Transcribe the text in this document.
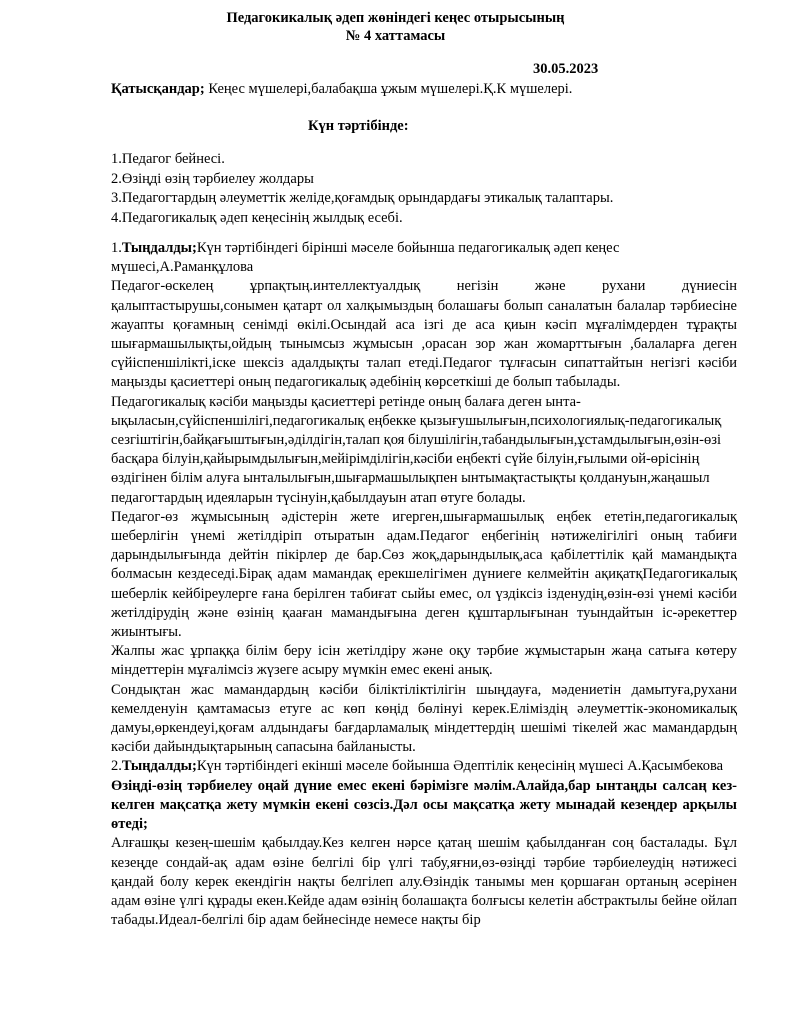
Педагокикалық әдеп жөніндегі кеңес отырысының
№ 4 хаттамасы
30.05.2023
Қатысқандар; Кеңес мүшелері,балабақша ұжым мүшелері.Қ.К мүшелері.
Күн тәртібінде:
1.Педагог бейнесі.
2.Өзіңді өзің тәрбиелеу жолдары
3.Педагогтардың әлеуметтік желіде,қоғамдық орындардағы этикалық талаптары.
4.Педагогикалық әдеп кеңесінің жылдық есебі.

1.Тыңдалды;Күн тәртібіндегі бірінші мәселе бойынша педагогикалық әдеп кеңес мүшесі,А.Раманқұлова

Педагог-өскелең ұрпақтың.интеллектуалдық негізін және рухани дүниесін қалыптастырушы,сонымен қатарт ол халқымыздың болашағы болып саналатын балалар тәрбиесіне жауапты қоғамның сенімді өкілі.Осындай аса ізгі де аса қиын кәсіп мұғалімдерден тұрақты шығармашылықты,ойдың тынымсыз жұмысын ,орасан зор жан жомарттығын ,балаларға деген сүйіспеншілікті,іске шексіз адалдықты талап етеді.Педагог тұлғасын сипаттайтын негізгі кәсіби маңызды қасиеттері оның педагогикалық әдебінің көрсеткіші де болып табылады.

Педагогикалық кәсіби маңызды қасиеттері ретінде оның балаға деген ынта-ықыласын,сүйіспеншілігі,педагогикалық еңбекке қызығушылығын,психологиялық-педагогикалық сезгіштігін,байқағыштығын,әділдігін,талап қоя білушілігін,табандылығын,ұстамдылығын,өзін-өзі басқара білуін,қайырымдылығын,мейірімділігін,кәсіби еңбекті сүйе білуін,ғылыми ой-өрісінің өздігінен білім алуға ынталылығын,шығармашылықпен ынтымақтастықты қолдануын,жаңашыл педагогтардың идеяларын түсінуін,қабылдауын атап өтуге болады.

Педагог-өз жұмысының әдістерін жете игерген,шығармашылық еңбек ететін,педагогикалық шеберлігін үнемі жетілдіріп отыратын адам.Педагог еңбегінің нәтижелігілігі оның табиғи дарындылығында дейтін пікірлер де бар.Сөз жоқ,дарындылық,аса қабілеттілік қай мамандықта болмасын кездеседі.Бірақ адам мамандақ ерекшелігімен дүниеге келмейтін ақиқатқПедагогикалық шеберлік кейбіреулерге ғана берілген табиғат сыйы емес, ол үздіксіз ізденудің,өзін-өзі үнемі кәсіби жетілдірудің және өзінің қааған мамандығына деген құштарлығынан туындайтын іс-әрекеттер жиынтығы.

Жалпы жас ұрпаққа білім беру ісін жетілдіру және оқу тәрбие жұмыстарын жаңа сатыға көтеру міндеттерін мұғалімсіз жүзеге асыру мүмкін емес екені анық.

Сондықтан жас мамандардың кәсіби біліктіліктілігін шыңдауға, мәдениетін дамытуға,рухани кемелденуін қамтамасыз етуге ас көп көңід бөлінуі керек.Еліміздің әлеуметтік-экономикалық дамуы,өркендеуі,қоғам алдындағы бағдарламалық міндеттердің шешімі тікелей жас мамандардың кәсіби дайындықтарының сапасына байланысты.

2.Тыңдалды;Күн тәртібіндегі екінші мәселе бойынша Әдептілік кеңесінің мүшесі А.Қасымбекова

Өзіңді-өзің тәрбиелеу оңай дүние емес екені бәрімізге мәлім.Алайда,бар ынтаңды салсаң кез-келген мақсатқа жету мүмкін екені сөзсіз.Дәл осы мақсатқа жету мынадай кезеңдер арқылы өтеді;

Алғашқы кезең-шешім қабылдау.Кез келген нәрсе қатаң шешім қабылданған соң басталады. Бұл кезеңде сондай-ақ адам өзіне белгілі бір үлгі табу,яғни,өз-өзіңді тәрбие тәрбиелеудің нәтижесі қандай болу керек екендігін нақты белгілеп алу.Өзіндік танымы мен қоршаған ортаның әсерінен адам өзіне үлгі құрады екен.Кейде адам өзінің болашақта болғысы келетін абстрактылы бейне ойлап табады.Идеал-белгілі бір адам бейнесінде немесе нақты бір
